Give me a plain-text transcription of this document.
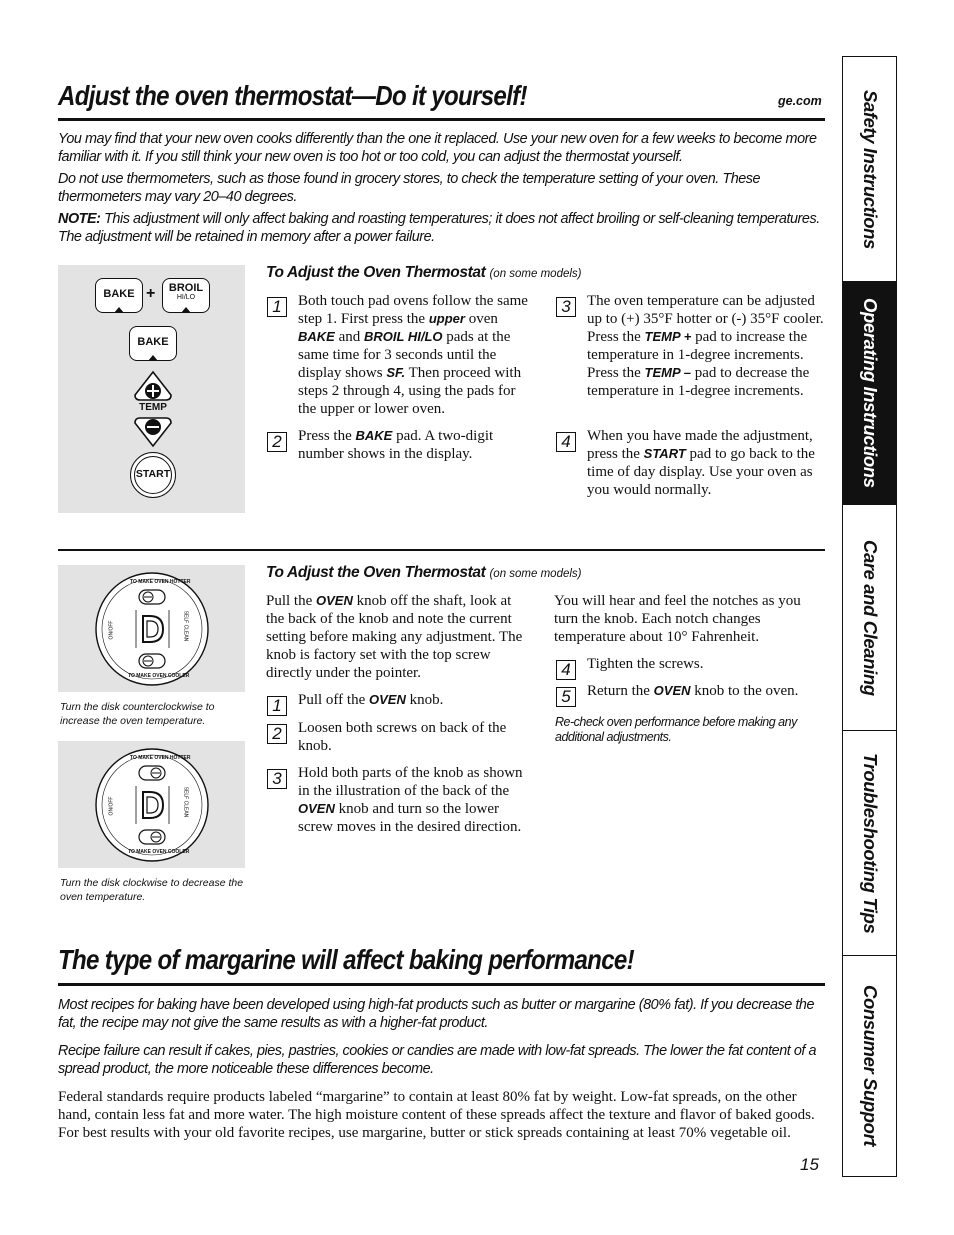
Adjust the oven thermostat—Do it yourself!	ge.com

You may find that your new oven cooks differently than the one it replaced. Use your new oven for a few weeks to become more familiar with it. If you still think your new oven is too hot or too cold, you can adjust the thermostat yourself.

Do not use thermometers, such as those found in grocery stores, to check the temperature setting of your oven. These thermometers may vary 20–40 degrees.

NOTE: This adjustment will only affect baking and roasting temperatures; it does not affect broiling or self-cleaning temperatures. The adjustment will be retained in memory after a power failure.

BAKE +	BROIL
HI/LO
BAKE
TEMP
START
To Adjust the Oven Thermostat (on some models)
1	Both touch pad ovens follow the same step 1. First press the upper oven BAKE and BROIL HI/LO pads at the same time for 3 seconds until the display shows SF. Then proceed with steps 2 through 4, using the pads for the upper or lower oven.
2	Press the BAKE pad. A two-digit number shows in the display.
3	The oven temperature can be adjusted up to (+) 35°F hotter or (-) 35°F cooler. Press the TEMP + pad to increase the temperature in 1-degree increments. Press the TEMP – pad to decrease the temperature in 1-degree increments.
4	When you have made the adjustment, press the START pad to go back to the time of day display. Use your oven as you would normally.
TO MAKE OVEN HOTTER
TO MAKE OVEN COOLER
ON/OFF	SELF CLEAN
Turn the disk counterclockwise to increase the oven temperature.
TO MAKE OVEN HOTTER
TO MAKE OVEN COOLER
ON/OFF	SELF CLEAN
Turn the disk clockwise to decrease the oven temperature.
To Adjust the Oven Thermostat (on some models)
Pull the OVEN knob off the shaft, look at the back of the knob and note the current setting before making any adjustment. The knob is factory set with the top screw directly under the pointer.
1	Pull off the OVEN knob.
2	Loosen both screws on back of the knob.
3	Hold both parts of the knob as shown in the illustration of the back of the OVEN knob and turn so the lower screw moves in the desired direction.
You will hear and feel the notches as you turn the knob. Each notch changes temperature about 10° Fahrenheit.
4	Tighten the screws.
5	Return the OVEN knob to the oven.
Re-check oven performance before making any additional adjustments.
The type of margarine will affect baking performance!

Most recipes for baking have been developed using high-fat products such as butter or margarine (80% fat). If you decrease the fat, the recipe may not give the same results as with a higher-fat product.

Recipe failure can result if cakes, pies, pastries, cookies or candies are made with low-fat spreads. The lower the fat content of a spread product, the more noticeable these differences become.

Federal standards require products labeled “margarine” to contain at least 80% fat by weight. Low-fat spreads, on the other hand, contain less fat and more water. The high moisture content of these spreads affect the texture and flavor of baked goods. For best results with your old favorite recipes, use margarine, butter or stick spreads containing at least 70% vegetable oil.
15
Safety Instructions
Operating Instructions
Care and Cleaning
Troubleshooting Tips
Consumer Support
